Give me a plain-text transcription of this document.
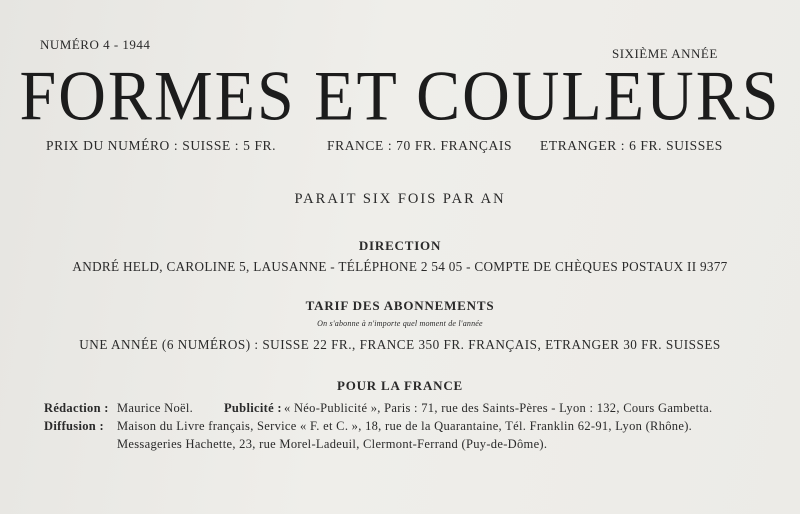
NUMÉRO 4 - 1944
SIXIÈME ANNÉE
FORMES ET COULEURS
PRIX DU NUMÉRO : SUISSE : 5 FR.	FRANCE : 70 FR. FRANÇAIS ETRANGER : 6 FR. SUISSES
PARAIT SIX FOIS PAR AN
DIRECTION
ANDRÉ HELD, CAROLINE 5, LAUSANNE - TÉLÉPHONE 2 54 05 - COMPTE DE CHÈQUES POSTAUX II 9377
TARIF DES ABONNEMENTS
On s'abonne à n'importe quel moment de l'année
UNE ANNÉE (6 NUMÉROS) : SUISSE 22 FR., FRANCE 350 FR. FRANÇAIS, ETRANGER 30 FR. SUISSES
POUR LA FRANCE
Rédaction : Maurice Noël. Publicité : « Néo-Publicité », Paris : 71, rue des Saints-Pères - Lyon : 132, Cours Gambetta.
Diffusion : Maison du Livre français, Service « F. et C. », 18, rue de la Quarantaine, Tél. Franklin 62-91, Lyon (Rhône).
Messageries Hachette, 23, rue Morel-Ladeuil, Clermont-Ferrand (Puy-de-Dôme).
